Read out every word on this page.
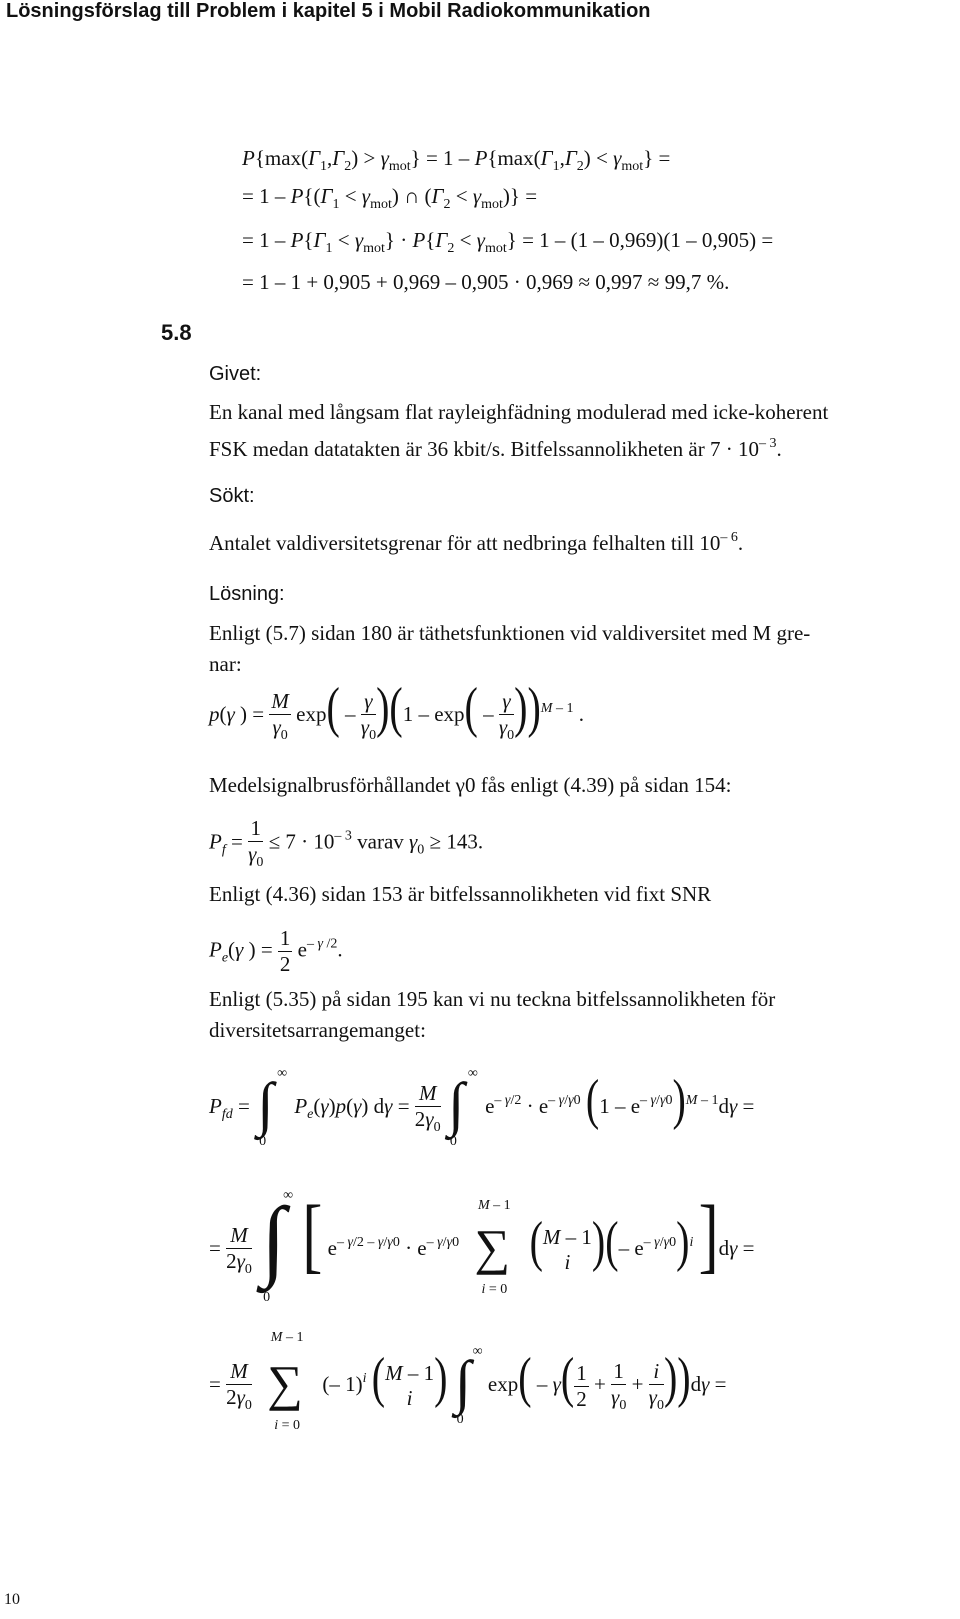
Lösningsförslag till Problem i kapitel 5 i Mobil Radiokommunikation
$P\{\max(\Gamma_1,\Gamma_2) > \gamma_{mot}\} = 1 - P\{\max(\Gamma_1,\Gamma_2) < \gamma_{mot}\}$ =
= $1 - P\{(\Gamma_1 < \gamma_{mot})$ ∩ $(\Gamma_2 < \gamma_{mot})$} =
= $1 - P\{\Gamma_1 < \gamma_{mot}\} \cdot P\{\Gamma_2 < \gamma_{mot}\} = 1 - (1 - 0,969)(1 - 0,905)$ =
= 1 – 1 + 0,905 + 0,969 – 0,905 · 0,969 ≈ 0,997 ≈ 99,7 %.
5.8
Givet:
En kanal med långsam flat rayleighfädning modulerad med icke-koherent
FSK medan datatakten är 36 kbit/s. Bitfelssannolikheten är $7 \cdot 10^{- 3}$.
Sökt:
Antalet valdiversitetsgrenar för att nedbringa felhalten till $10^{- 6}$.
Lösning:
Enligt (5.7) sidan 180 är täthetsfunktionen vid valdiversitet med M gre-
nar:
p(γ ) = $\frac{M}{\gamma_0} \exp( - \frac{\gamma}{\gamma_0} )(1 - \exp( - \frac{\gamma}{\gamma_0} ))^{M - 1}$ .
Medelsignalbrusförhållandet γ0 fås enligt (4.39) på sidan 154:
$P_f = \frac{1}{\gamma_0} \le 7 \cdot 10^{- 3}$ varav $\gamma_0 \ge 143$.
Enligt (4.36) sidan 153 är bitfelssannolikheten vid fixt SNR
$P_e(\gamma$ ) = $\frac{1}{2} e^{- \gamma /2}$.
Enligt (5.35) på sidan 195 kan vi nu teckna bitfelssannolikheten för
diversitetsarrangemanget:
$P_{fd}$ = ∫ ∞
0
$P_e(\gamma)p(\gamma) d\gamma = \frac{M}{2\gamma_0}$
∫ ∞
0
$e^{- \gamma/2} \cdot e^{- \gamma/\gamma 0}$ $(1 - e^{- \gamma/\gamma 0})^{M - 1}d\gamma$ =
= $\frac{M}{2\gamma_0}$
∫
∞
0
[ $e^{- \gamma/2 - \gamma/\gamma 0} \cdot e^{- \gamma/\gamma 0}$
M – 1
∑
i = 0
(M – 1
i )(– $e^{- \gamma/\gamma 0})^i$ ]dγ =
= $\frac{M}{2\gamma_0}$

M – 1
∑
i = 0
(– 1)$^i$ (M – 1
i ) ∫ ∞
0
$\exp( - \gamma( \frac{1}{2} + \frac{1}{\gamma_0} + \frac{i}{\gamma_0} ))d\gamma$ =
10
